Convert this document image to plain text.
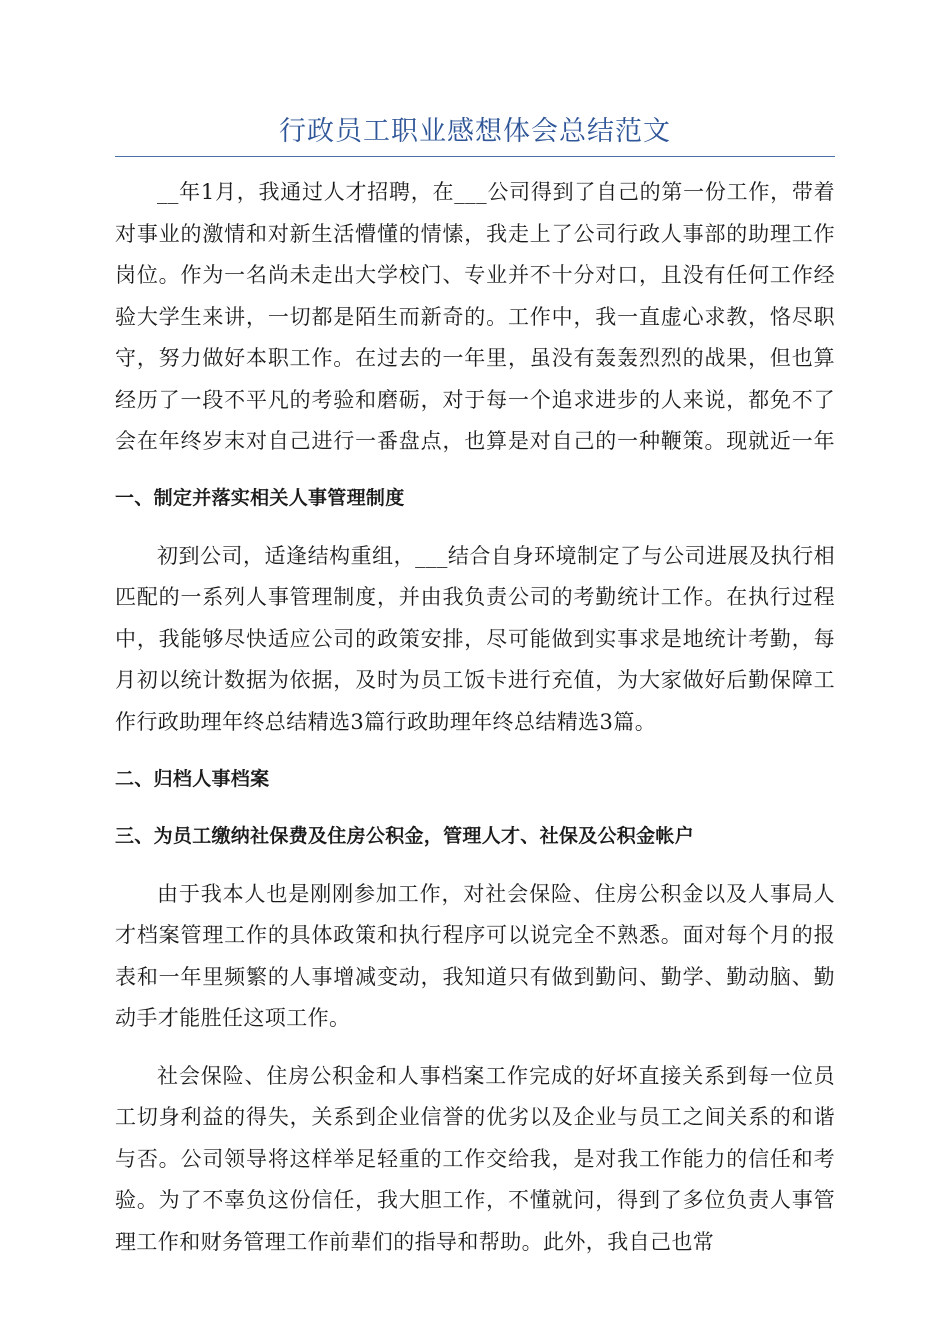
行政员工职业感想体会总结范文

__年1月，我通过人才招聘，在___公司得到了自己的第一份工作，带着对事业的激情和对新生活懵懂的情愫，我走上了公司行政人事部的助理工作岗位。作为一名尚未走出大学校门、专业并不十分对口，且没有任何工作经验大学生来讲，一切都是陌生而新奇的。工作中，我一直虚心求教，恪尽职守，努力做好本职工作。在过去的一年里，虽没有轰轰烈烈的战果，但也算经历了一段不平凡的考验和磨砺，对于每一个追求进步的人来说，都免不了会在年终岁末对自己进行一番盘点，也算是对自己的一种鞭策。现就近一年

一、制定并落实相关人事管理制度

初到公司，适逢结构重组，___结合自身环境制定了与公司进展及执行相匹配的一系列人事管理制度，并由我负责公司的考勤统计工作。在执行过程中，我能够尽快适应公司的政策安排，尽可能做到实事求是地统计考勤，每月初以统计数据为依据，及时为员工饭卡进行充值，为大家做好后勤保障工作行政助理年终总结精选3篇行政助理年终总结精选3篇。

二、归档人事档案
三、为员工缴纳社保费及住房公积金，管理人才、社保及公积金帐户

由于我本人也是刚刚参加工作，对社会保险、住房公积金以及人事局人才档案管理工作的具体政策和执行程序可以说完全不熟悉。面对每个月的报表和一年里频繁的人事增减变动，我知道只有做到勤问、勤学、勤动脑、勤动手才能胜任这项工作。

社会保险、住房公积金和人事档案工作完成的好坏直接关系到每一位员工切身利益的得失，关系到企业信誉的优劣以及企业与员工之间关系的和谐与否。公司领导将这样举足轻重的工作交给我，是对我工作能力的信任和考验。为了不辜负这份信任，我大胆工作，不懂就问，得到了多位负责人事管理工作和财务管理工作前辈们的指导和帮助。此外，我自己也常
